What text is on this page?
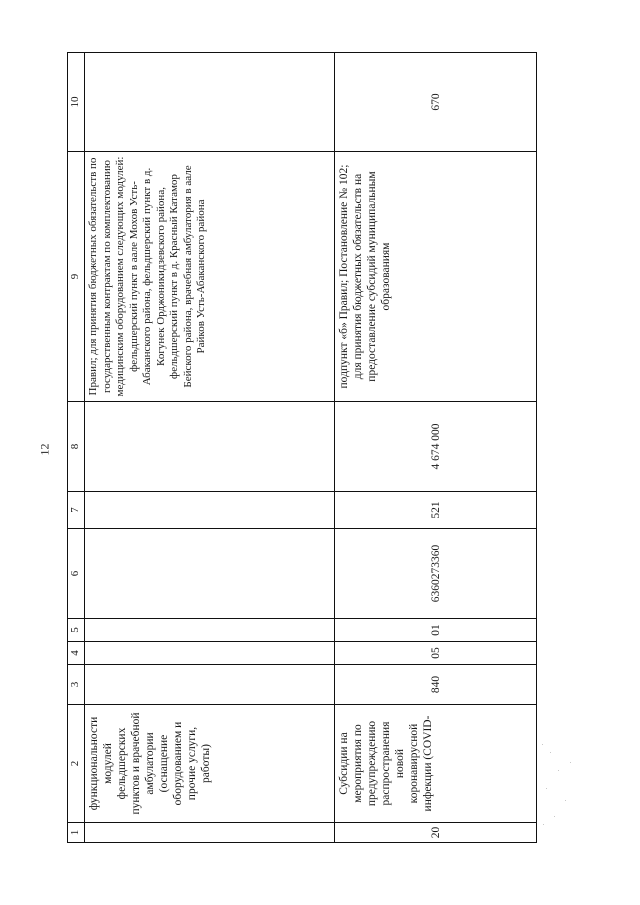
12
1	2	3	4	5	6	7	8	9	10
	функциональности модулей фельдшерских пунктов и врачебной амбулатории (оснащение оборудованием и прочие услуги, работы)							Правил; для принятия бюджетных обязательств по государственным контрактам по комплектованию медицинским оборудованием следующих модулей: фельдшерский пункт в аале Мохов Усть-Абаканского района, фельдшерский пункт в д. Когунек Орджоникидзевского района, фельдшерский пункт в д. Красный Катамор Бейского района, врачебная амбулатория в аале Райков Усть-Абаканского района	
20	Субсидии на мероприятия по предупреждению распространения новой коронавирусной инфекции (COVID-	840	05	01	6360273360	521	4 674 000	подпункт «б» Правил; Постановление № 102; для принятия бюджетных обязательств на предоставление субсидий муниципальным образованиям	670
